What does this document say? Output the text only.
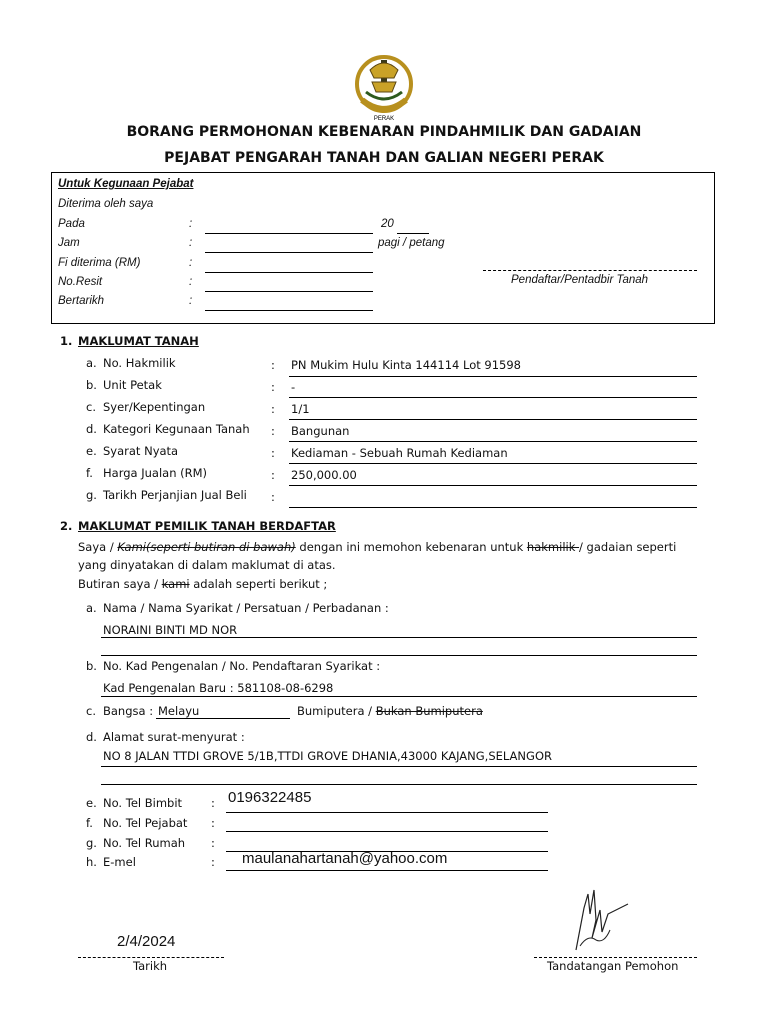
PERAK
BORANG PERMOHONAN KEBENARAN PINDAHMILIK DAN GADAIAN
PEJABAT PENGARAH TANAH DAN GALIAN NEGERI PERAK
Untuk Kegunaan Pejabat
Diterima oleh saya
Pada	:	20
Jam	:	pagi / petang
Fi diterima (RM)	:
No.Resit	:
Bertarikh	:
Pendaftar/Pentadbir Tanah
1. MAKLUMAT TANAH
a. No. Hakmilik	: PN Mukim Hulu Kinta 144114 Lot 91598
b. Unit Petak	: -
c. Syer/Kepentingan	: 1/1
d. Kategori Kegunaan Tanah : Bangunan
e. Syarat Nyata	: Kediaman - Sebuah Rumah Kediaman
f. Harga Jualan (RM)	: 250,000.00
g. Tarikh Perjanjian Jual Beli :
2. MAKLUMAT PEMILIK TANAH BERDAFTAR
Saya / Kami(seperti butiran di bawah) dengan ini memohon kebenaran untuk hakmilik / gadaian seperti
yang dinyatakan di dalam maklumat di atas.
Butiran saya / kami adalah seperti berikut ;
a. Nama / Nama Syarikat / Persatuan / Perbadanan :
NORAINI BINTI MD NOR
b. No. Kad Pengenalan / No. Pendaftaran Syarikat :
Kad Pengenalan Baru : 581108-08-6298
c. Bangsa : Melayu	Bumiputera / Bukan Bumiputera
d. Alamat surat-menyurat :
NO 8 JALAN TTDI GROVE 5/1B,TTDI GROVE DHANIA,43000 KAJANG,SELANGOR
e. No. Tel Bimbit	: 0196322485
f. No. Tel Pejabat :
g. No. Tel Rumah :
h. E-mel	: maulanahartanah@yahoo.com
2/4/2024
Tarikh	Tandatangan Pemohon
